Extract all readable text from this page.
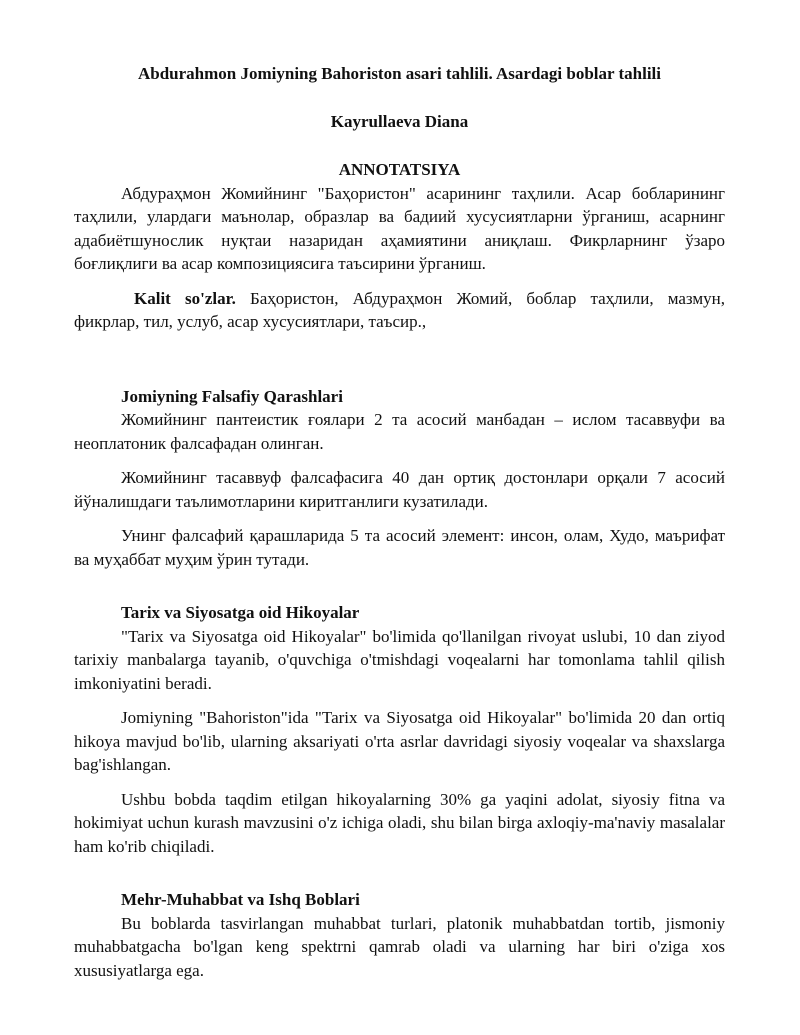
Abdurahmon Jomiyning Bahoriston asari tahlili. Asardagi boblar tahlili

Kayrullaeva Diana

ANNOTATSIYA

Абдураҳмон Жомийнинг "Баҳористон" асарининг таҳлили. Асар бобларининг таҳлили, улардаги маънолар, образлар ва бадиий хусусиятларни ўрганиш, асарнинг адабиётшунослик нуқтаи назаридан аҳамиятини аниқлаш. Фикрларнинг ўзаро боғлиқлиги ва асар композициясига таъсирини ўрганиш.

Kalit so'zlar. Баҳористон, Абдураҳмон Жомий, боблар таҳлили, мазмун, фикрлар, тил, услуб, асар хусусиятлари, таъсир.,

Jomiyning Falsafiy Qarashlari

Жомийнинг пантеистик ғоялари 2 та асосий манбадан – ислом тасаввуфи ва неоплатоник фалсафадан олинган.

Жомийнинг тасаввуф фалсафасига 40 дан ортиқ достонлари орқали 7 асосий йўналишдаги таълимотларини киритганлиги кузатилади.

Унинг фалсафий қарашларида 5 та асосий элемент: инсон, олам, Худо, маърифат ва муҳаббат муҳим ўрин тутади.

Tarix va Siyosatga oid Hikoyalar

"Tarix va Siyosatga oid Hikoyalar" bo'limida qo'llanilgan rivoyat uslubi, 10 dan ziyod tarixiy manbalarga tayanib, o'quvchiga o'tmishdagi voqealarni har tomonlama tahlil qilish imkoniyatini beradi.

Jomiyning "Bahoriston"ida "Tarix va Siyosatga oid Hikoyalar" bo'limida 20 dan ortiq hikoya mavjud bo'lib, ularning aksariyati o'rta asrlar davridagi siyosiy voqealar va shaxslarga bag'ishlangan.

Ushbu bobda taqdim etilgan hikoyalarning 30% ga yaqini adolat, siyosiy fitna va hokimiyat uchun kurash mavzusini o'z ichiga oladi, shu bilan birga axloqiy-ma'naviy masalalar ham ko'rib chiqiladi.

Mehr-Muhabbat va Ishq Boblari

Bu boblarda tasvirlangan muhabbat turlari, platonik muhabbatdan tortib, jismoniy muhabbatgacha bo'lgan keng spektrni qamrab oladi va ularning har biri o'ziga xos xususiyatlarga ega.
